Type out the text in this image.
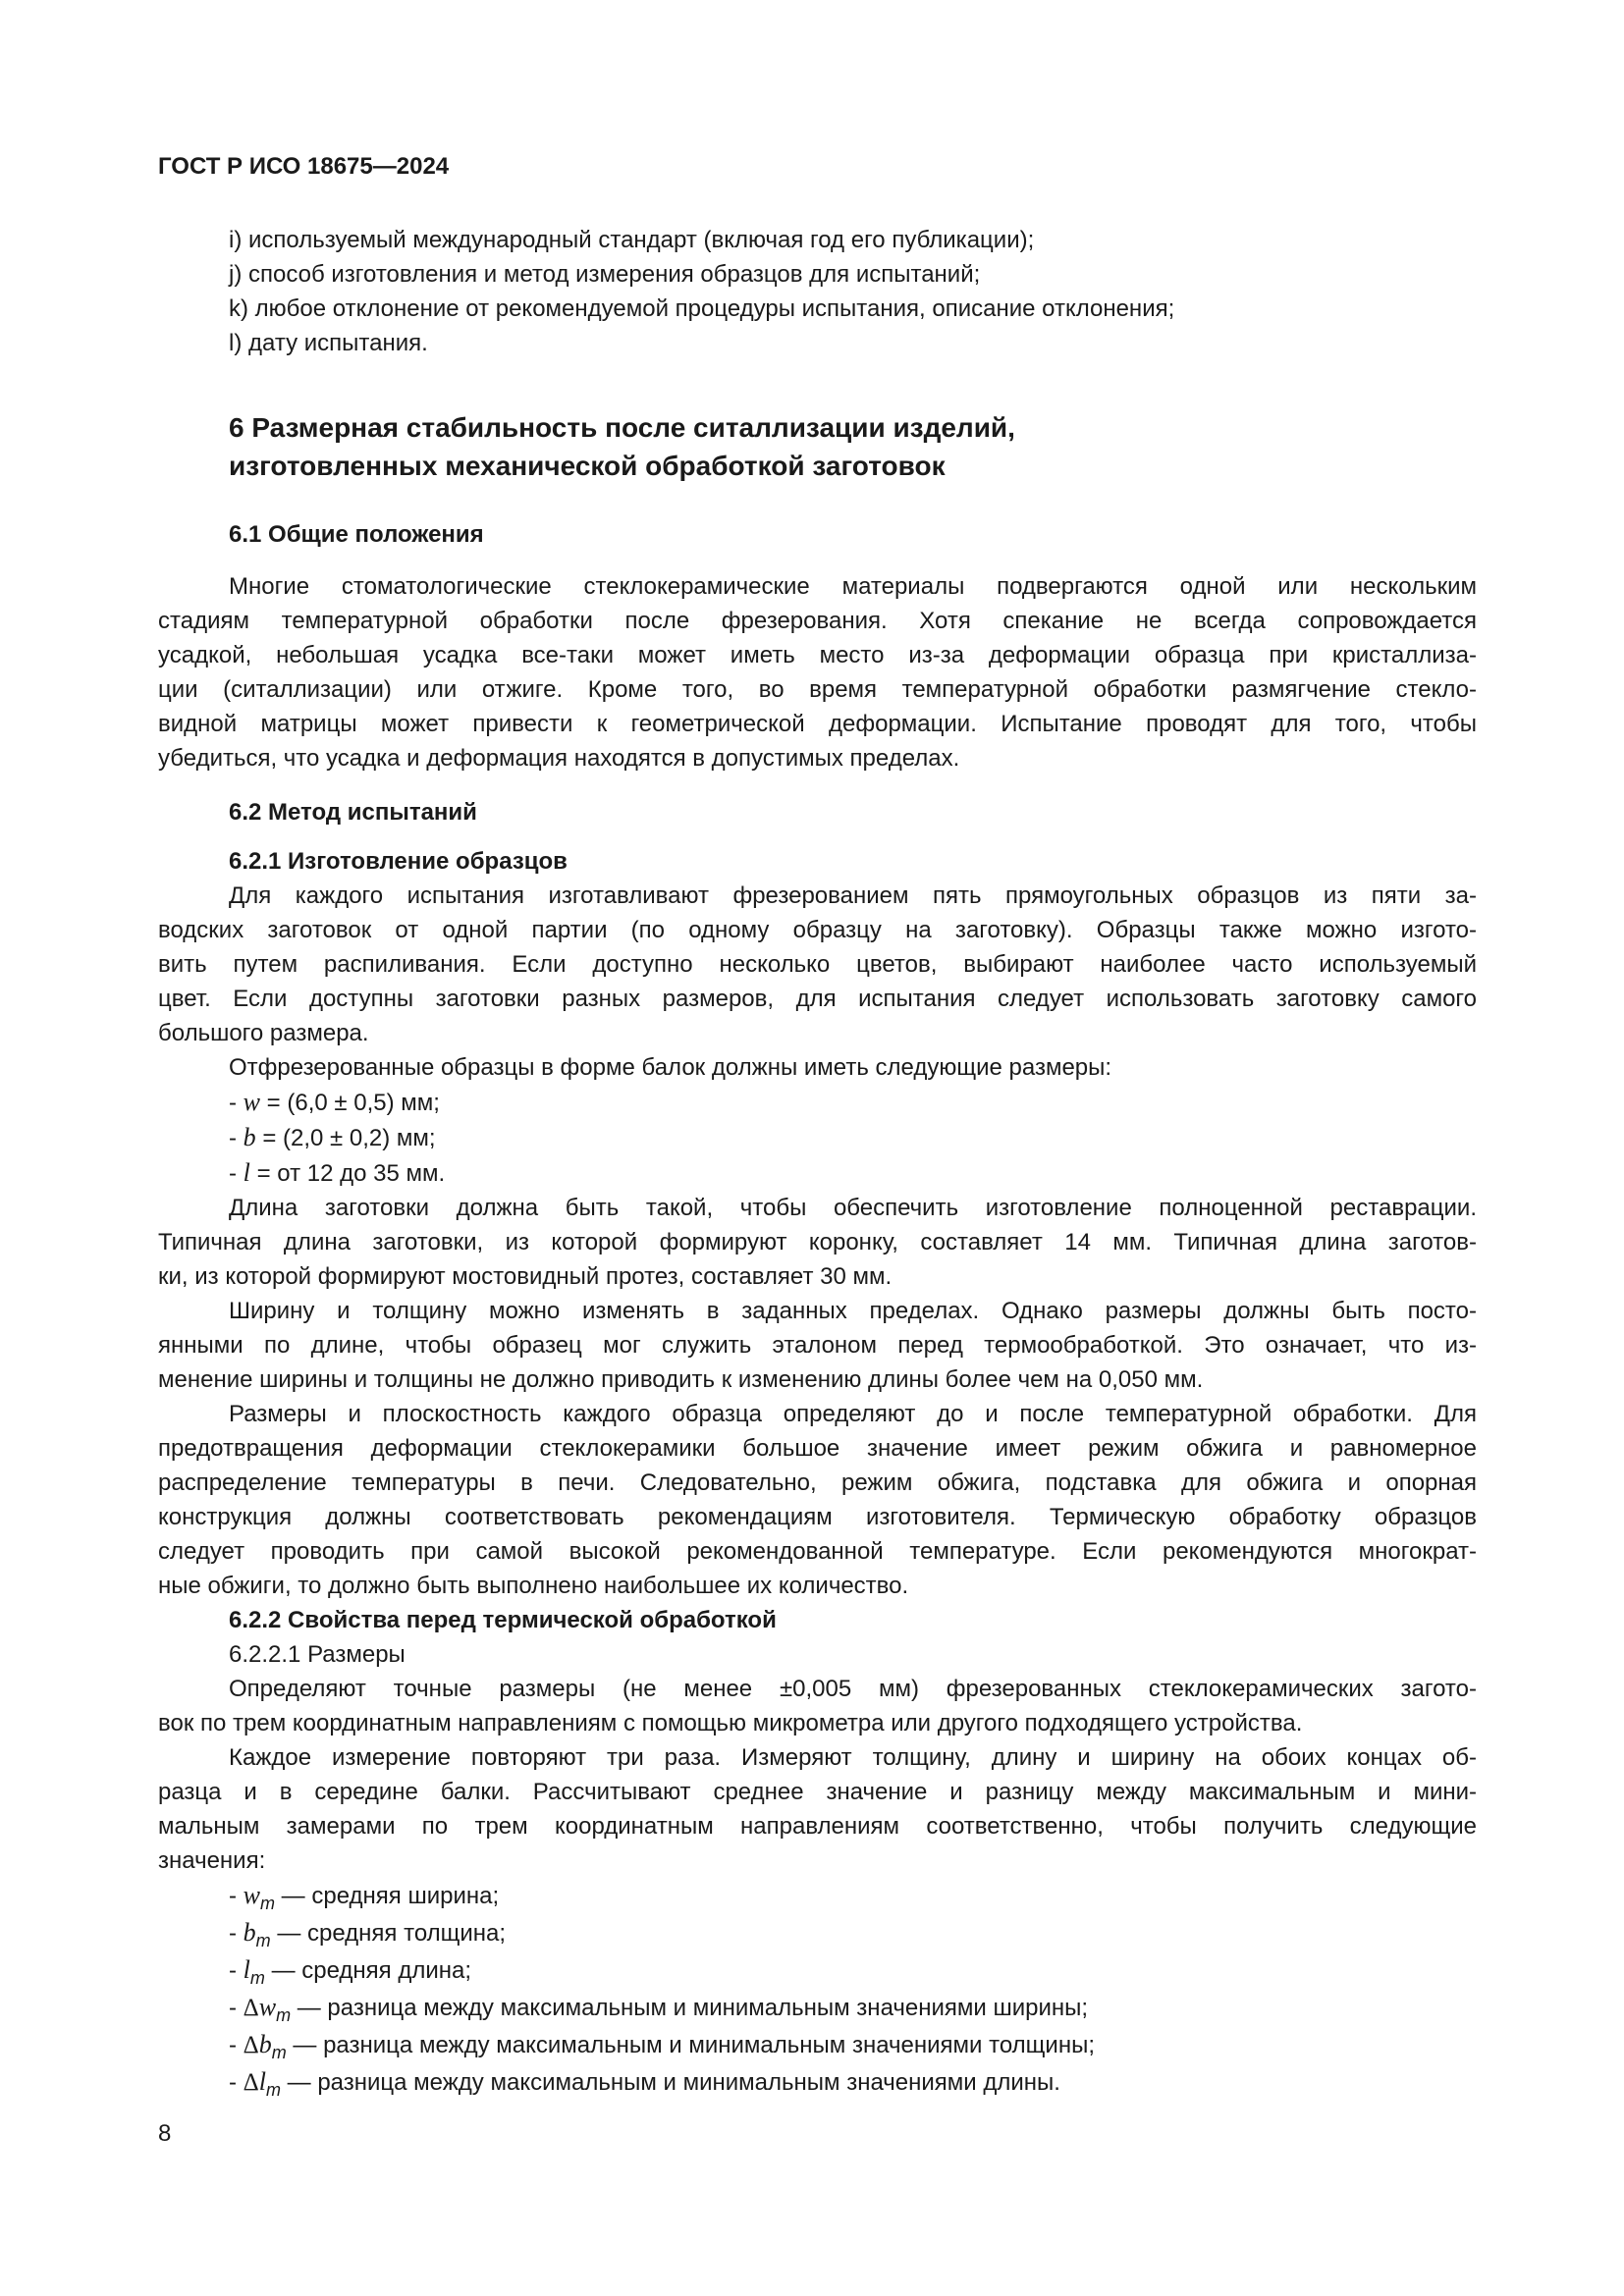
ГОСТ Р ИСО 18675—2024
i) используемый международный стандарт (включая год его публикации);
j) способ изготовления и метод измерения образцов для испытаний;
k) любое отклонение от рекомендуемой процедуры испытания, описание отклонения;
l) дату испытания.
6 Размерная стабильность после ситаллизации изделий,
изготовленных механической обработкой заготовок
6.1 Общие положения
Многие стоматологические стеклокерамические материалы подвергаются одной или нескольким
стадиям температурной обработки после фрезерования. Хотя спекание не всегда сопровождается
усадкой, небольшая усадка все-таки может иметь место из-за деформации образца при кристаллиза-
ции (ситаллизации) или отжиге. Кроме того, во время температурной обработки размягчение стекло-
видной матрицы может привести к геометрической деформации. Испытание проводят для того, чтобы
убедиться, что усадка и деформация находятся в допустимых пределах.
6.2 Метод испытаний
6.2.1 Изготовление образцов
Для каждого испытания изготавливают фрезерованием пять прямоугольных образцов из пяти за-
водских заготовок от одной партии (по одному образцу на заготовку). Образцы также можно изгото-
вить путем распиливания. Если доступно несколько цветов, выбирают наиболее часто используемый
цвет. Если доступны заготовки разных размеров, для испытания следует использовать заготовку самого
большого размера.
Отфрезерованные образцы в форме балок должны иметь следующие размеры:
- w = (6,0 ± 0,5) мм;
- b = (2,0 ± 0,2) мм;
- l = от 12 до 35 мм.
Длина заготовки должна быть такой, чтобы обеспечить изготовление полноценной реставрации.
Типичная длина заготовки, из которой формируют коронку, составляет 14 мм. Типичная длина заготов-
ки, из которой формируют мостовидный протез, составляет 30 мм.
Ширину и толщину можно изменять в заданных пределах. Однако размеры должны быть посто-
янными по длине, чтобы образец мог служить эталоном перед термообработкой. Это означает, что из-
менение ширины и толщины не должно приводить к изменению длины более чем на 0,050 мм.
Размеры и плоскостность каждого образца определяют до и после температурной обработки. Для
предотвращения деформации стеклокерамики большое значение имеет режим обжига и равномерное
распределение температуры в печи. Следовательно, режим обжига, подставка для обжига и опорная
конструкция должны соответствовать рекомендациям изготовителя. Термическую обработку образцов
следует проводить при самой высокой рекомендованной температуре. Если рекомендуются многократ-
ные обжиги, то должно быть выполнено наибольшее их количество.
6.2.2 Свойства перед термической обработкой
6.2.2.1 Размеры
Определяют точные размеры (не менее ±0,005 мм) фрезерованных стеклокерамических загото-
вок по трем координатным направлениям с помощью микрометра или другого подходящего устройства.
Каждое измерение повторяют три раза. Измеряют толщину, длину и ширину на обоих концах об-
разца и в середине балки. Рассчитывают среднее значение и разницу между максимальным и мини-
мальным замерами по трем координатным направлениям соответственно, чтобы получить следующие
значения:
- $w_m$ — средняя ширина;
- $b_m$ — средняя толщина;
- $l_m$ — средняя длина;
- $\Delta w_m$ — разница между максимальным и минимальным значениями ширины;
- $\Delta b_m$ — разница между максимальным и минимальным значениями толщины;
- $\Delta l_m$ — разница между максимальным и минимальным значениями длины.
8
